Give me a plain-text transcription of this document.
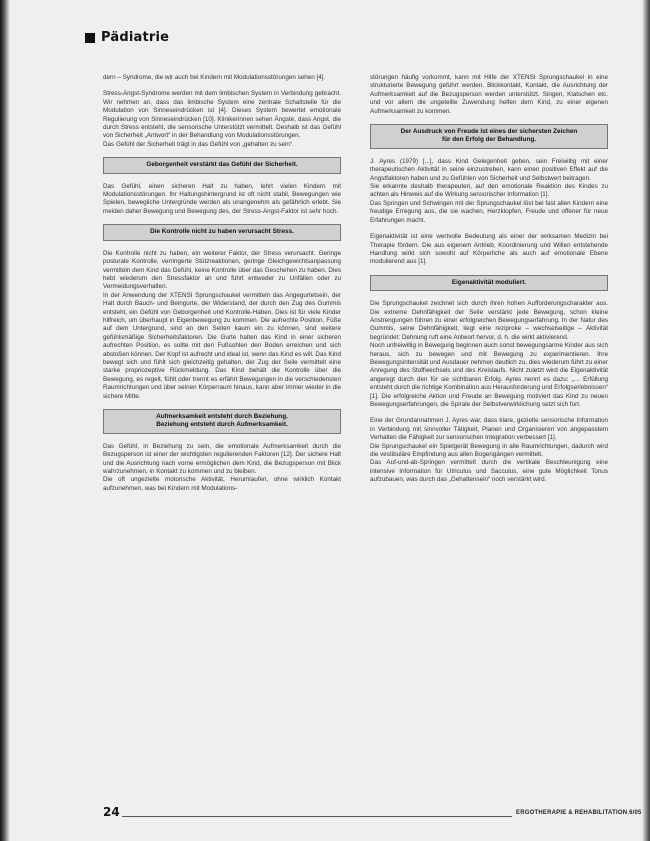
Pädiatrie

dern – Syndrome, die wir auch bei Kindern mit Modulationsstörungen sehen [4].

Stress-Angst-Syndrome werden mit dem limbischen System in Verbindung gebracht. Wir nehmen an, dass das limbische System eine zentrale Schaltstelle für die Modulation von Sinneseindrücken ist [4]. Dieses System bewertet emotionale Regulierung von Sinneseindrücken [10]. Klinikerinnen sehen Ängste, dass Angst, die durch Stress entsteht, die sensorische Unterstützt vermittelt. Deshalb ist das Gefühl von Sicherheit „Antwort“ in der Behandlung von Modulationsstörungen.

Das Gefühl der Sicherheit trägt in das Gefühl von „gehalten zu sein“.

Geborgenheit verstärkt das Gefühl der Sicherheit.

Das Gefühl, einen sicheren Halt zu haben, lehrt vielen Kindern mit Modulationsstörungen. Ihr Haltungshintergrund ist oft nicht stabil, Bewegungen wie Spielen, bewegliche Untergründe werden als unangenehm als gefährlich erlebt. Sie meiden daher Bewegung und Bewegung des, der Stress-Angst-Faktor ist sehr hoch.

Die Kontrolle nicht zu haben verursacht Stress.

Die Kontrolle nicht zu haben, ein weiterer Faktor, der Stress verursacht. Geringe posturale Kontrolle, verringerte Stützreaktionen, geringe Gleichgewichtsanpassung vermitteln dem Kind das Gefühl, keine Kontrolle über das Geschehen zu haben. Dies hebt wiederum den Stressfaktor an und führt entweder zu Unfällen oder zu Vermeidungsverhalten.

In der Anwendung der XTENSI Sprungschaukel vermitteln das Angegurtetsein, der Halt durch Bauch- und Beingurte, der Widerstand, der durch den Zug des Gummis entsteht, ein Gefühl von Geborgenheit und Kontrolle-Haben. Dies ist für viele Kinder hilfreich, um überhaupt in Eigenbewegung zu kommen. Die aufrechte Position, Füße auf dem Untergrund, sind an den Seiten kaum ein zu können, sind weitere gefühlsmäßige Sicherheitsfaktoren. Die Gurte halten das Kind in einer sicheren aufrechten Position, es sollte mit den Fußsohlen den Boden erreichen und sich abstoßen können. Der Kopf ist aufrecht und ideal ist, wenn das Kind es will. Das Kind bewegt sich und fühlt sich gleichzeitig gehalten, der Zug der Seile vermittelt eine starke propriozeptive Rückmeldung. Das Kind behält die Kontrolle über die Bewegung, es regelt, fühlt oder trennt es erfährt Bewegungen in die verschiedensten Raumrichtungen und über seinen Körperraum hinaus, kann aber immer wieder in die sichere Mitte.

Aufmerksamkeit entsteht durch Beziehung.
Beziehung entsteht durch Aufmerksamkeit.

Das Gefühl, in Beziehung zu sein, die emotionale Aufmerksamkeit durch die Bezugsperson ist einer der wichtigsten regulierenden Faktoren [12]. Der sichere Halt und die Ausrichtung nach vorne ermöglichen dem Kind, die Bezugsperson mit Blick wahrzunehmen, in Kontakt zu kommen und zu bleiben.

Die oft ungezielte motorische Aktivität, Herumlaufen, ohne wirklich Kontakt aufzunehmen, was bei Kindern mit Modulations-

störungen häufig vorkommt, kann mit Hilfe der XTENSI Sprungschaukel in eine strukturierte Bewegung geführt werden. Blickkontakt, Kontakt, die Ausrichtung der Aufmerksamkeit auf die Bezugsperson werden unterstützt. Singen, Klatschen etc. und vor allem die ungeteilte Zuwendung helfen dem Kind, zu einer eigenen Aufmerksamkeit zu kommen.

Der Ausdruck von Freude ist eines der sichersten Zeichen
für den Erfolg der Behandlung.

J. Ayres (1979) [...], dass Kind Gelegenheit geben, sein Freiwillig mit einer therapeutischen Aktivität in seine einzustreben, kann einen positiven Effekt auf die Angstfaktoren haben und zu Gefühlen von Sicherheit und Selbstwert beitragen.

Sie erkannte deshalb therapeuten, auf den emotionale Reaktion des Kindes zu achten als Hinweis auf die Wirkung sensorischer Information [1].

Das Springen und Schwingen mit der Sprungschaukel löst bei fast allen Kindern eine freudige Erregung aus, die sie wachen, Herzklopfen, Freude und offener für neue Erfahrungen macht.

Eigenaktivität ist eine wertvolle Bedeutung als einer der wirksamen Medizin bei Therapie fördern. Die aus eigenem Antrieb, Koordinierung und Willen entstehende Handlung wirkt sich sowohl auf Körperliche als auch auf emotionale Ebene modulierend aus [1].

Eigenaktivität moduliert.

Die Sprungschaukel zeichnet sich durch ihren hohen Aufforderungscharakter aus. Die extreme Dehnfähigkeit der Seile verstärkt jede Bewegung, schon kleine Anstrengungen führen zu einer erfolgreichen Bewegungserfahrung. In der Natur des Gummis, seine Dehnfähigkeit, liegt eine reziproke – wechselseitige – Aktivität begründet: Dehnung ruft eine Antwort hervor, d. h. die wirkt aktivierend.

Noch unfreiwillig in Bewegung beginnen auch sonst bewegungsarme Kinder aus sich heraus, sich zu bewegen und mit Bewegung zu experimentieren. Ihre Bewegungsintensität und Ausdauer nehmen deutlich zu, dies wiederum führt zu einer Anregung des Stoffwechsels und des Kreislaufs. Nicht zuletzt wird die Eigenaktivität angeregt durch den für sie sichtbaren Erfolg. Ayres nennt es dazu: „… Erfüllung entsteht durch die richtige Kombination aus Herausforderung und Erfolgserlebnissen“ [1]. Die erfolgreiche Aktion und Freude an Bewegung motiviert das Kind zu neuen Bewegungserfahrungen, die Spirale der Selbstverwirklichung setzt sich fort.

Eine der Grundannahmen J. Ayres war, dass klare, gezielte sensorische Information in Verbindung mit sinnvoller Tätigkeit, Planen und Organisieren von angepasstem Verhalten die Fähigkeit zur sensorischen Integration verbessert [1].

Die Sprungschaukel ein Spielgerät Bewegung in alle Raumrichtungen, dadurch wird die vestibuläre Empfindung aus allen Bogengängen vermittelt.

Das Auf-und-ab-Springen vermittelt durch die vertikale Beschleunigung eine intensive Information für Utriculus und Sacculus, eine gute Möglichkeit Tonus aufzubauen, was durch das „Gehaltensein“ noch verstärkt wird.

24	ERGOTHERAPIE & REHABILITATION 6/05
